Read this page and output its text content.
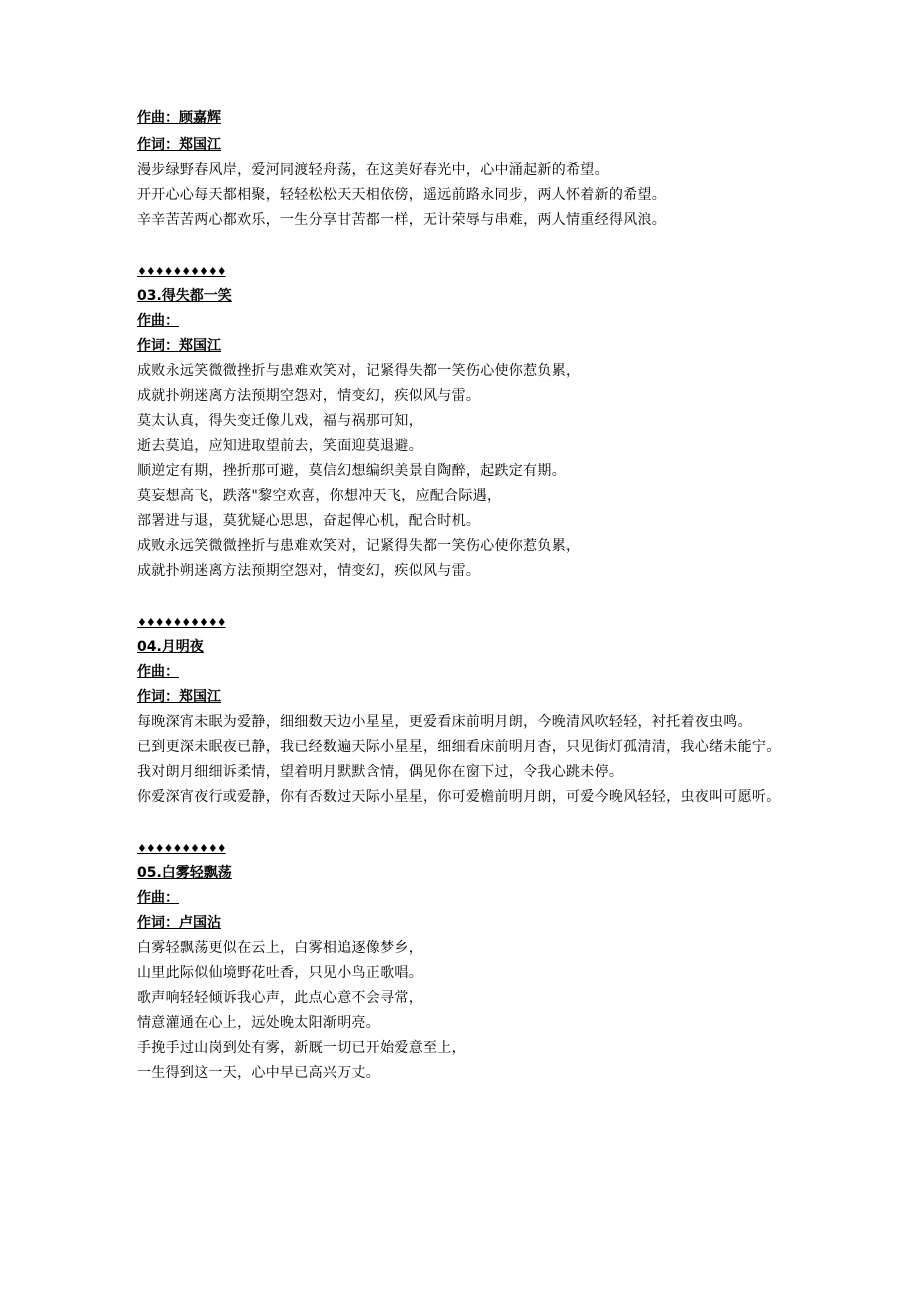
作曲：顾嘉辉
作词：郑国江
漫步绿野春风岸，爱河同渡轻舟荡，在这美好春光中，心中涌起新的希望。
开开心心每天都相聚，轻轻松松天天相依傍，遥远前路永同步，两人怀着新的希望。
辛辛苦苦两心都欢乐，一生分享甘苦都一样，无计荣辱与串难，两人情重经得风浪。
♦♦♦♦♦♦♦♦♦♦
03.得失都一笑
作曲：
作词：郑国江
成败永远笑微微挫折与患难欢笑对，记紧得失都一笑伤心使你惹负累，
成就扑朔迷离方法预期空怨对，情变幻，疾似风与雷。
莫太认真，得失变迁像儿戏，福与祸那可知，
逝去莫追，应知进取望前去，笑面迎莫退避。
顺逆定有期，挫折那可避，莫信幻想编织美景自陶醉，起跌定有期。
莫妄想高飞，跌落"黎空欢喜，你想冲天飞，应配合际遇，
部署进与退，莫犹疑心思思，奋起俾心机，配合时机。
成败永远笑微微挫折与患难欢笑对，记紧得失都一笑伤心使你惹负累，
成就扑朔迷离方法预期空怨对，情变幻，疾似风与雷。
♦♦♦♦♦♦♦♦♦♦
04.月明夜
作曲：
作词：郑国江
每晚深宵未眠为爱静，细细数天边小星星，更爱看床前明月朗，今晚清风吹轻轻，衬托着夜虫鸣。
已到更深未眠夜已静，我已经数遍天际小星星，细细看床前明月杳，只见街灯孤清清，我心绪未能宁。
我对朗月细细诉柔情，望着明月默默含情，偶见你在窗下过，令我心跳未停。
你爱深宵夜行或爱静，你有否数过天际小星星，你可爱檐前明月朗，可爱今晚风轻轻，虫夜叫可愿听。
♦♦♦♦♦♦♦♦♦♦
05.白雾轻飘荡
作曲：
作词：卢国沾
白雾轻飘荡更似在云上，白雾相追逐像梦乡，
山里此际似仙境野花吐香，只见小鸟正歌唱。
歌声响轻轻倾诉我心声，此点心意不会寻常，
情意灌通在心上，远处晚太阳渐明亮。
手挽手过山岗到处有雾，新厩一切已开始爱意至上，
一生得到这一天，心中早已高兴万丈。
